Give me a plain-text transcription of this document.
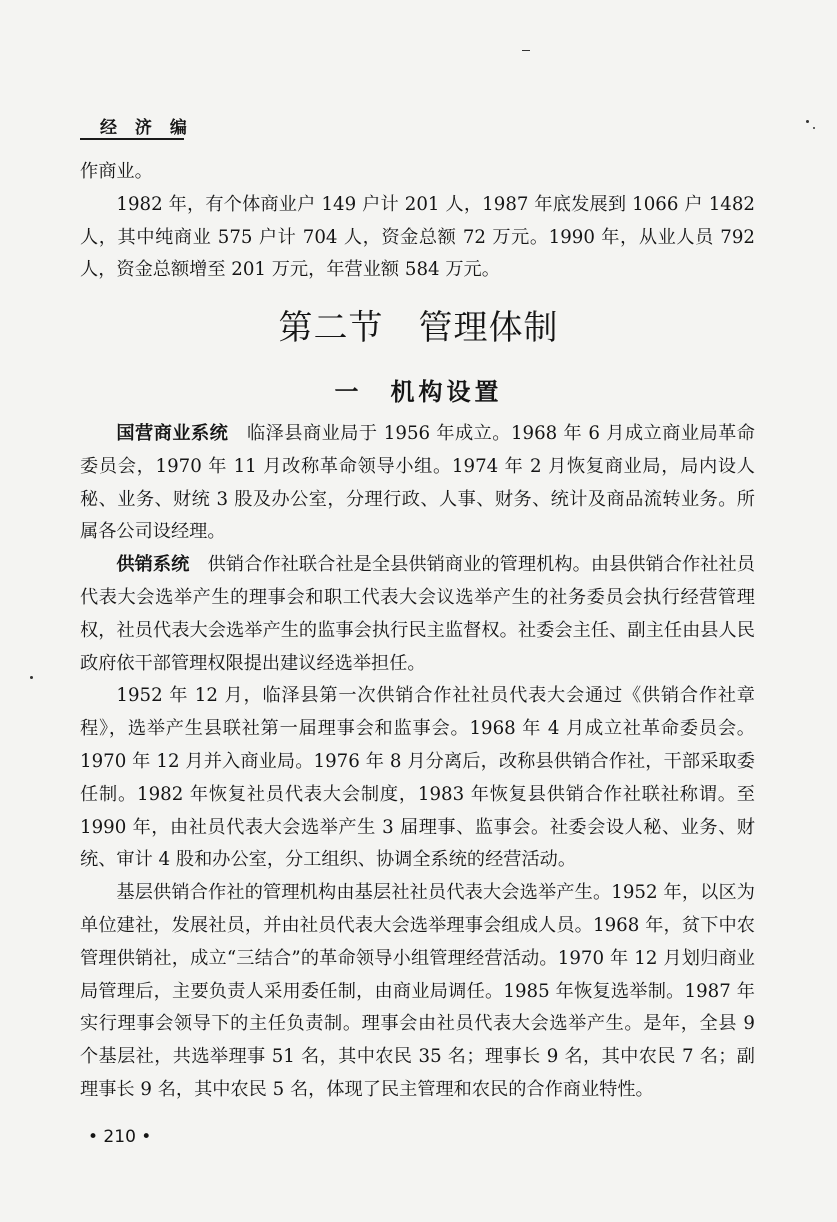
经 济 编

作商业。

1982 年，有个体商业户 149 户计 201 人，1987 年底发展到 1066 户 1482 人，其中纯商业 575 户计 704 人，资金总额 72 万元。1990 年，从业人员 792 人，资金总额增至 201 万元，年营业额 584 万元。

第二节　管理体制
一　机构设置

国营商业系统　临泽县商业局于 1956 年成立。1968 年 6 月成立商业局革命委员会，1970 年 11 月改称革命领导小组。1974 年 2 月恢复商业局，局内设人秘、业务、财统 3 股及办公室，分理行政、人事、财务、统计及商品流转业务。所属各公司设经理。

供销系统　供销合作社联合社是全县供销商业的管理机构。由县供销合作社社员代表大会选举产生的理事会和职工代表大会议选举产生的社务委员会执行经营管理权，社员代表大会选举产生的监事会执行民主监督权。社委会主任、副主任由县人民政府依干部管理权限提出建议经选举担任。

1952 年 12 月，临泽县第一次供销合作社社员代表大会通过《供销合作社章程》，选举产生县联社第一届理事会和监事会。1968 年 4 月成立社革命委员会。1970 年 12 月并入商业局。1976 年 8 月分离后，改称县供销合作社，干部采取委任制。1982 年恢复社员代表大会制度，1983 年恢复县供销合作社联社称谓。至 1990 年，由社员代表大会选举产生 3 届理事、监事会。社委会设人秘、业务、财统、审计 4 股和办公室，分工组织、协调全系统的经营活动。

基层供销合作社的管理机构由基层社社员代表大会选举产生。1952 年，以区为单位建社，发展社员，并由社员代表大会选举理事会组成人员。1968 年，贫下中农管理供销社，成立“三结合”的革命领导小组管理经营活动。1970 年 12 月划归商业局管理后，主要负责人采用委任制，由商业局调任。1985 年恢复选举制。1987 年实行理事会领导下的主任负责制。理事会由社员代表大会选举产生。是年，全县 9 个基层社，共选举理事 51 名，其中农民 35 名；理事长 9 名，其中农民 7 名；副理事长 9 名，其中农民 5 名，体现了民主管理和农民的合作商业特性。

• 210 •
